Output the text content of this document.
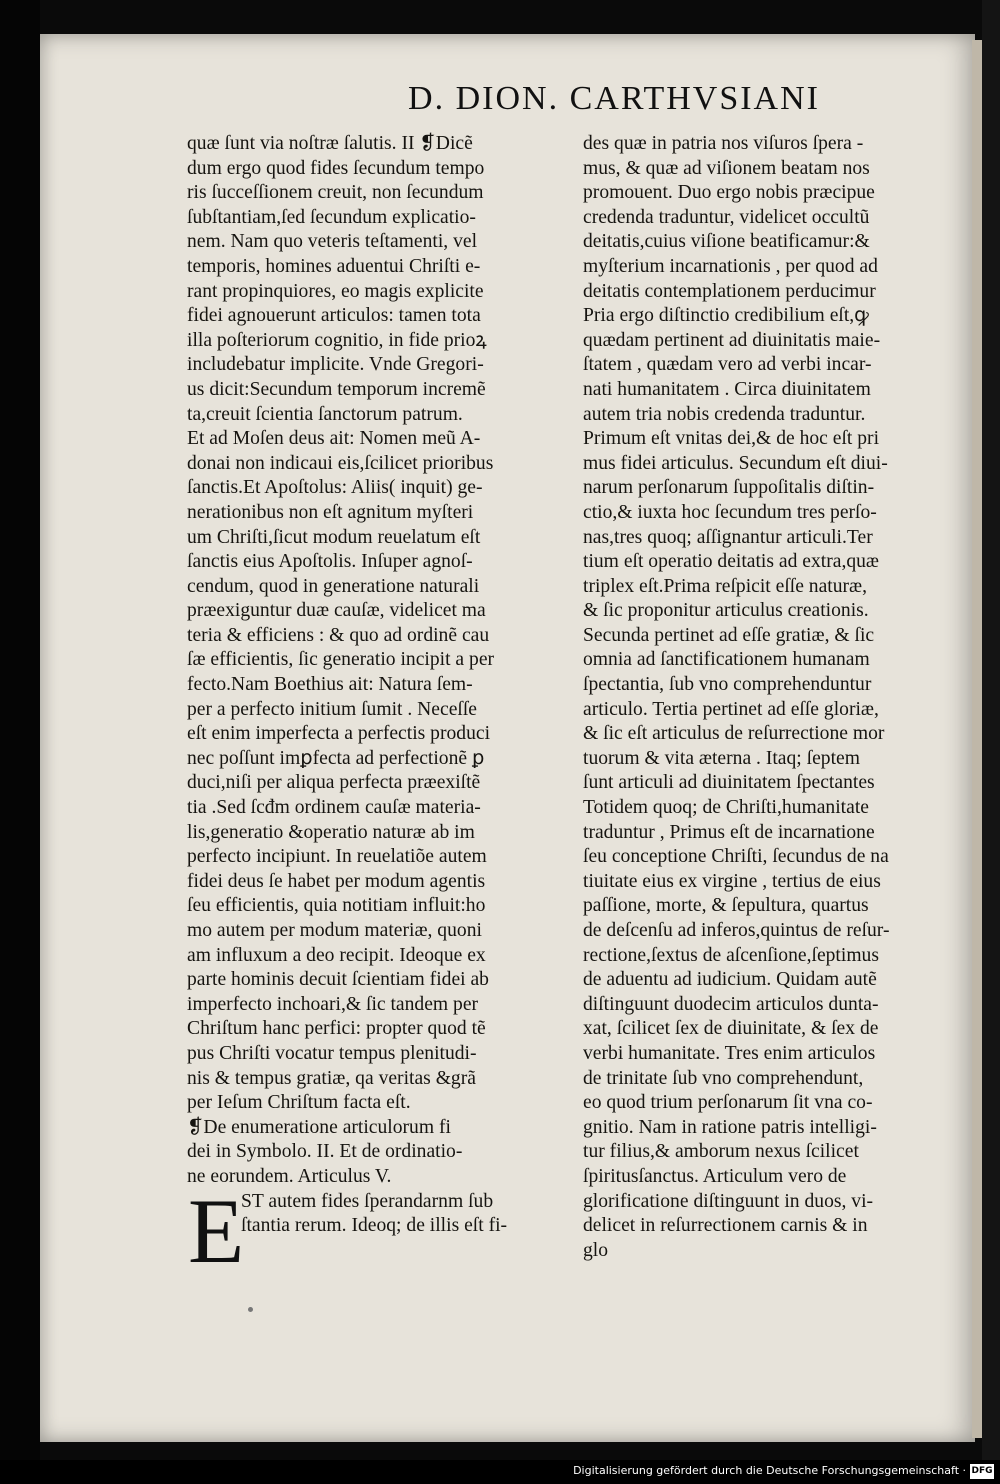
D. DION. CARTHVSIANI
quæ ſunt via noſtræ ſalutis. II ❡Dicẽ
dum ergo quod fides ſecundum tempo
ris ſucceſſionem creuit, non ſecundum
ſubſtantiam,ſed ſecundum explicatio-
nem. Nam quo veteris teſtamenti, vel
temporis, homines aduentui Chriſti e-
rant propinquiores, eo magis explicite
fidei agnouerunt articulos: tamen tota
illa poſteriorum cognitio, in fide prioꝝ
includebatur implicite. Vnde Gregori-
us dicit:Secundum temporum incremẽ
ta,creuit ſcientia ſanctorum patrum.
Et ad Moſen deus ait: Nomen meũ A-
donai non indicaui eis,ſcilicet prioribus
ſanctis.Et Apoſtolus: Aliis( inquit) ge-
nerationibus non eſt agnitum myſteri
um Chriſti,ſicut modum reuelatum eſt
ſanctis eius Apoſtolis. Inſuper agnoſ-
cendum, quod in generatione naturali
præexiguntur duæ cauſæ, videlicet ma
teria & efficiens : & quo ad ordinẽ cau
ſæ efficientis, ſic generatio incipit a per
fecto.Nam Boethius ait: Natura ſem-
per a perfecto initium ſumit . Neceſſe
eſt enim imperfecta a perfectis produci
nec poſſunt imꝑfecta ad perfectionẽ ꝑ
duci,niſi per aliqua perfecta præexiſtẽ
tia .Sed ſcđm ordinem cauſæ materia-
lis,generatio &operatio naturæ ab im
perfecto incipiunt. In reuelatiõe autem
fidei deus ſe habet per modum agentis
ſeu efficientis, quia notitiam influit:ho
mo autem per modum materiæ, quoni
am influxum a deo recipit. Ideoque ex
parte hominis decuit ſcientiam fidei ab
imperfecto inchoari,& ſic tandem per
Chriſtum hanc perfici: propter quod tẽ
pus Chriſti vocatur tempus plenitudi-
nis & tempus gratiæ, qa veritas &grã
per Ieſum Chriſtum facta eſt.
❡De enumeratione articulorum fi
dei in Symbolo. II. Et de ordinatio-
ne eorundem. Articulus V.
ST autem fides ſperandarnm ſub
ſtantia rerum. Ideoq; de illis eſt fi-
des quæ in patria nos viſuros ſpera -
mus, & quæ ad viſionem beatam nos
promouent. Duo ergo nobis præcipue
credenda traduntur, videlicet occultũ
deitatis,cuius viſione beatificamur:&
myſterium incarnationis , per quod ad
deitatis contemplationem perducimur
Pria ergo diſtinctio credibilium eſt,ꝙ
quædam pertinent ad diuinitatis maie-
ſtatem , quædam vero ad verbi incar-
nati humanitatem . Circa diuinitatem
autem tria nobis credenda traduntur.
Primum eſt vnitas dei,& de hoc eſt pri
mus fidei articulus. Secundum eſt diui-
narum perſonarum ſuppoſitalis diſtin-
ctio,& iuxta hoc ſecundum tres perſo-
nas,tres quoq; aſſignantur articuli.Ter
tium eſt operatio deitatis ad extra,quæ
triplex eſt.Prima reſpicit eſſe naturæ,
& ſic proponitur articulus creationis.
Secunda pertinet ad eſſe gratiæ, & ſic
omnia ad ſanctificationem humanam
ſpectantia, ſub vno comprehenduntur
articulo. Tertia pertinet ad eſſe gloriæ,
& ſic eſt articulus de reſurrectione mor
tuorum & vita æterna . Itaq; ſeptem
ſunt articuli ad diuinitatem ſpectantes
Totidem quoq; de Chriſti,humanitate
traduntur , Primus eſt de incarnatione
ſeu conceptione Chriſti, ſecundus de na
tiuitate eius ex virgine , tertius de eius
paſſione, morte, & ſepultura, quartus
de deſcenſu ad inferos,quintus de reſur-
rectione,ſextus de aſcenſione,ſeptimus
de aduentu ad iudicium. Quidam autẽ
diſtinguunt duodecim articulos dunta-
xat, ſcilicet ſex de diuinitate, & ſex de
verbi humanitate. Tres enim articulos
de trinitate ſub vno comprehendunt,
eo quod trium perſonarum ſit vna co-
gnitio. Nam in ratione patris intelligi-
tur filius,& amborum nexus ſcilicet
ſpiritusſanctus. Articulum vero de
glorificatione diſtinguunt in duos, vi-
delicet in reſurrectionem carnis & in
glo
E
Digitalisierung gefördert durch die Deutsche Forschungsgemeinschaft · DFG
